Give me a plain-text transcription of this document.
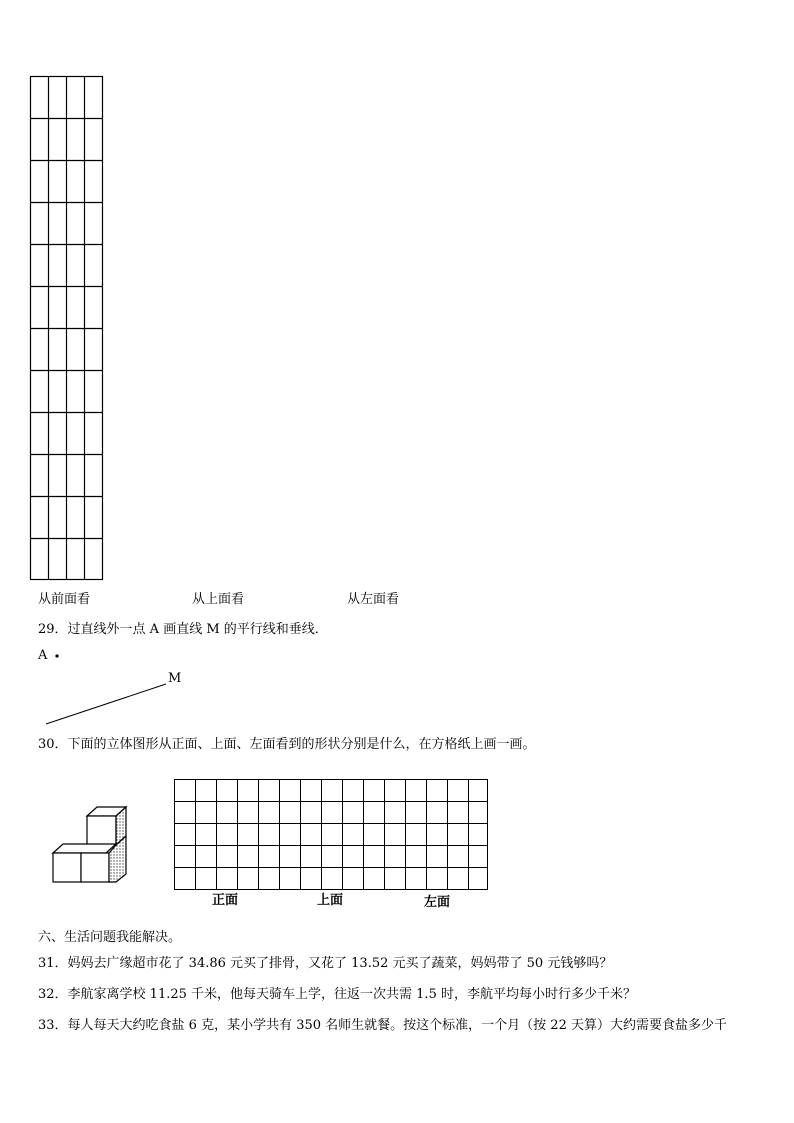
从前面看	从上面看	从左面看
29．过直线外一点 A 画直线 M 的平行线和垂线．
A
M
30．下面的立体图形从正面、上面、左面看到的形状分别是什么，在方格纸上画一画。
正面	上面	左面
六、生活问题我能解决。
31．妈妈去广缘超市花了 34.86 元买了排骨，又花了 13.52 元买了蔬菜，妈妈带了 50 元钱够吗？
32．李航家离学校 11.25 千米，他每天骑车上学，往返一次共需 1.5 时，李航平均每小时行多少千米？
33．每人每天大约吃食盐 6 克，某小学共有 350 名师生就餐。按这个标准，一个月（按 22 天算）大约需要食盐多少千
